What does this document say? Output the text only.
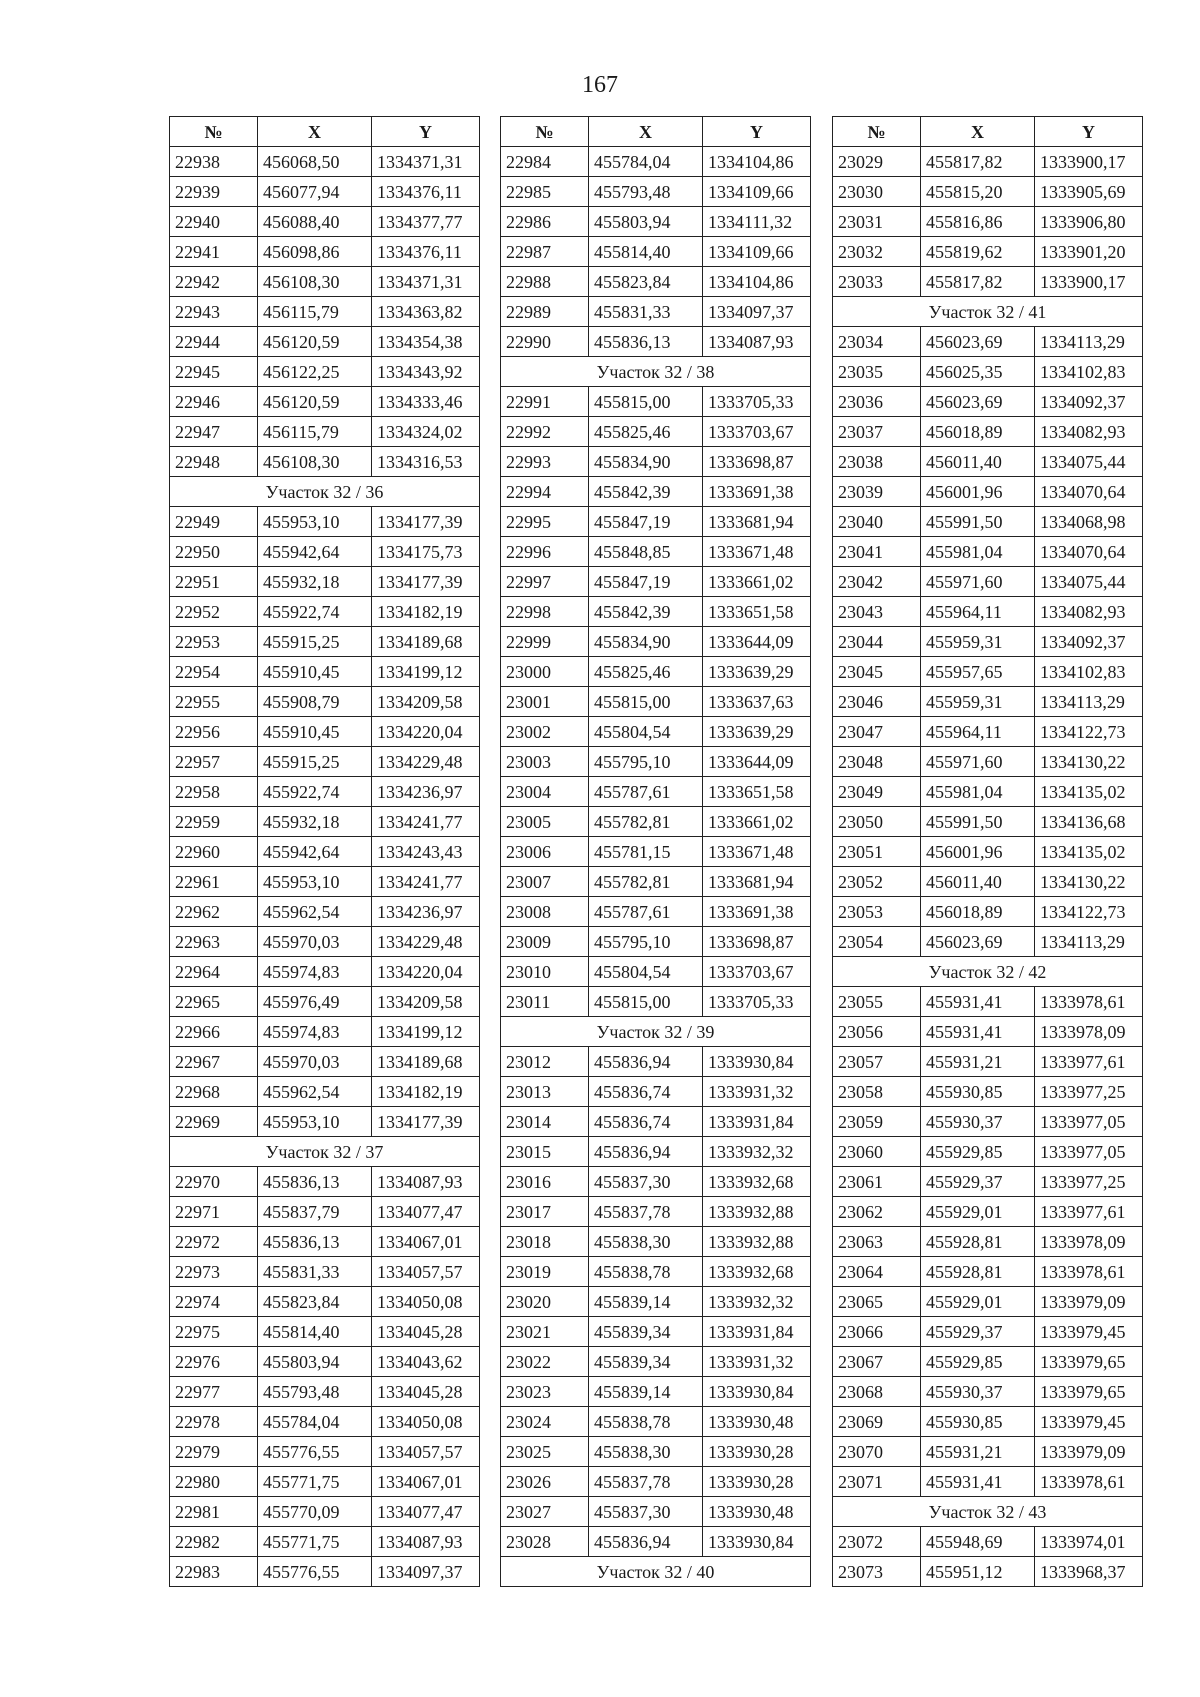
167
№	X	Y
22938	456068,50	1334371,31
22939	456077,94	1334376,11
22940	456088,40	1334377,77
22941	456098,86	1334376,11
22942	456108,30	1334371,31
22943	456115,79	1334363,82
22944	456120,59	1334354,38
22945	456122,25	1334343,92
22946	456120,59	1334333,46
22947	456115,79	1334324,02
22948	456108,30	1334316,53
Участок 32 / 36		
22949	455953,10	1334177,39
22950	455942,64	1334175,73
22951	455932,18	1334177,39
22952	455922,74	1334182,19
22953	455915,25	1334189,68
22954	455910,45	1334199,12
22955	455908,79	1334209,58
22956	455910,45	1334220,04
22957	455915,25	1334229,48
22958	455922,74	1334236,97
22959	455932,18	1334241,77
22960	455942,64	1334243,43
22961	455953,10	1334241,77
22962	455962,54	1334236,97
22963	455970,03	1334229,48
22964	455974,83	1334220,04
22965	455976,49	1334209,58
22966	455974,83	1334199,12
22967	455970,03	1334189,68
22968	455962,54	1334182,19
22969	455953,10	1334177,39
Участок 32 / 37		
22970	455836,13	1334087,93
22971	455837,79	1334077,47
22972	455836,13	1334067,01
22973	455831,33	1334057,57
22974	455823,84	1334050,08
22975	455814,40	1334045,28
22976	455803,94	1334043,62
22977	455793,48	1334045,28
22978	455784,04	1334050,08
22979	455776,55	1334057,57
22980	455771,75	1334067,01
22981	455770,09	1334077,47
22982	455771,75	1334087,93
22983	455776,55	1334097,37
№	X	Y
22984	455784,04	1334104,86
22985	455793,48	1334109,66
22986	455803,94	1334111,32
22987	455814,40	1334109,66
22988	455823,84	1334104,86
22989	455831,33	1334097,37
22990	455836,13	1334087,93
Участок 32 / 38		
22991	455815,00	1333705,33
22992	455825,46	1333703,67
22993	455834,90	1333698,87
22994	455842,39	1333691,38
22995	455847,19	1333681,94
22996	455848,85	1333671,48
22997	455847,19	1333661,02
22998	455842,39	1333651,58
22999	455834,90	1333644,09
23000	455825,46	1333639,29
23001	455815,00	1333637,63
23002	455804,54	1333639,29
23003	455795,10	1333644,09
23004	455787,61	1333651,58
23005	455782,81	1333661,02
23006	455781,15	1333671,48
23007	455782,81	1333681,94
23008	455787,61	1333691,38
23009	455795,10	1333698,87
23010	455804,54	1333703,67
23011	455815,00	1333705,33
Участок 32 / 39		
23012	455836,94	1333930,84
23013	455836,74	1333931,32
23014	455836,74	1333931,84
23015	455836,94	1333932,32
23016	455837,30	1333932,68
23017	455837,78	1333932,88
23018	455838,30	1333932,88
23019	455838,78	1333932,68
23020	455839,14	1333932,32
23021	455839,34	1333931,84
23022	455839,34	1333931,32
23023	455839,14	1333930,84
23024	455838,78	1333930,48
23025	455838,30	1333930,28
23026	455837,78	1333930,28
23027	455837,30	1333930,48
23028	455836,94	1333930,84
Участок 32 / 40		
№	X	Y
23029	455817,82	1333900,17
23030	455815,20	1333905,69
23031	455816,86	1333906,80
23032	455819,62	1333901,20
23033	455817,82	1333900,17
Участок 32 / 41		
23034	456023,69	1334113,29
23035	456025,35	1334102,83
23036	456023,69	1334092,37
23037	456018,89	1334082,93
23038	456011,40	1334075,44
23039	456001,96	1334070,64
23040	455991,50	1334068,98
23041	455981,04	1334070,64
23042	455971,60	1334075,44
23043	455964,11	1334082,93
23044	455959,31	1334092,37
23045	455957,65	1334102,83
23046	455959,31	1334113,29
23047	455964,11	1334122,73
23048	455971,60	1334130,22
23049	455981,04	1334135,02
23050	455991,50	1334136,68
23051	456001,96	1334135,02
23052	456011,40	1334130,22
23053	456018,89	1334122,73
23054	456023,69	1334113,29
Участок 32 / 42		
23055	455931,41	1333978,61
23056	455931,41	1333978,09
23057	455931,21	1333977,61
23058	455930,85	1333977,25
23059	455930,37	1333977,05
23060	455929,85	1333977,05
23061	455929,37	1333977,25
23062	455929,01	1333977,61
23063	455928,81	1333978,09
23064	455928,81	1333978,61
23065	455929,01	1333979,09
23066	455929,37	1333979,45
23067	455929,85	1333979,65
23068	455930,37	1333979,65
23069	455930,85	1333979,45
23070	455931,21	1333979,09
23071	455931,41	1333978,61
Участок 32 / 43		
23072	455948,69	1333974,01
23073	455951,12	1333968,37
